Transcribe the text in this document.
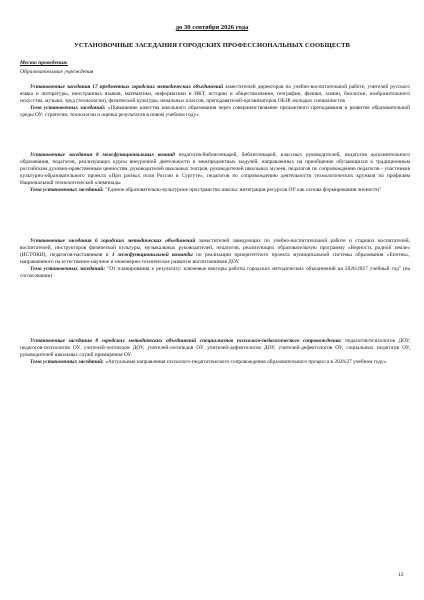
до 30 сентября 2026 года
УСТАНОВОЧНЫЕ ЗАСЕДАНИЯ ГОРОДСКИХ ПРОФЕССИОНАЛЬНЫХ СООБЩЕСТВ
Место проведения:
Образовательные учреждения

Установочные заседания 17 предметных городских методических объединений заместителей директоров по учебно-воспитательной работе, учителей русского языка и литературы, иностранных языков, математики, информатики и ИКТ, истории и обществознания, географии, физики, химии, биологии, изобразительного искусства, музыки, труд (технологии), физической культуры, начальных классов, преподавателей-организаторов ОБЗР, молодых специалистов

Тема установочных заседаний: «Повышение качества школьного образования через совершенствование предметного преподавания и развитие образовательной среды ОУ: стратегии, технологии и оценка результатов в новом учебном году»

Установочные заседания 8 межфункциональных команд педагогов-библиотекарей, библиотекарей, классных руководителей, педагогов дополнительного образования, педагогов, реализующих курсы внеурочной деятельности и межпредметных модулей, направленных на приобщение обучающихся к традиционным российским духовно-нравственным ценностям, руководителей школьных театров, руководителей школьных музеев, педагогов по сопровождению педагогов - участников культурно-образовательного проекта «При ратных поля России в Сургуте», педагогов по сопровождению деятельности технологических кружков по профилям Национальной технологической олимпиады

Тема установочных заседаний: "Единое образовательно-культурное пространство школы: интеграция ресурсов ОУ как основа формирования личности"

Установочные заседания 6 городских методических объединений заместителей заведующих по учебно-воспитательной работе и старших воспитателей, воспитателей, инструкторов физической культуры, музыкальных руководителей, педагогов, реализующих образовательную программу «Верность родной земле» (ИСТОКИ), педагогов-наставников и 1 межфункциональной команды по реализации приоритетного проекта муниципальной системы образования «Енотик», направленного на естественно-научное и инженерно-техническое развитие воспитанников ДОУ.

Тема установочных заседаний: "От планирования к результату: ключевые векторы работы городских методических объединений на 2026/2027 учебный год" (на согласовании)

Установочные заседания 8 городских методических объединений специалистов психолого-педагогического сопровождения: педагогов-психологов ДОУ, педагогов-психологов ОУ, учителей-логопедов ДОУ, учителей-логопедов ОУ, учителей-дефектологов ДОУ, учителей-дефектологов ОУ, социальных педагогов ОУ, руководителей школьных служб примирения ОУ.

Тема установочных заседаний: «Актуальные направления психолого-педагогического сопровождения образовательного процесса в 2026/27 учебном году»

12
